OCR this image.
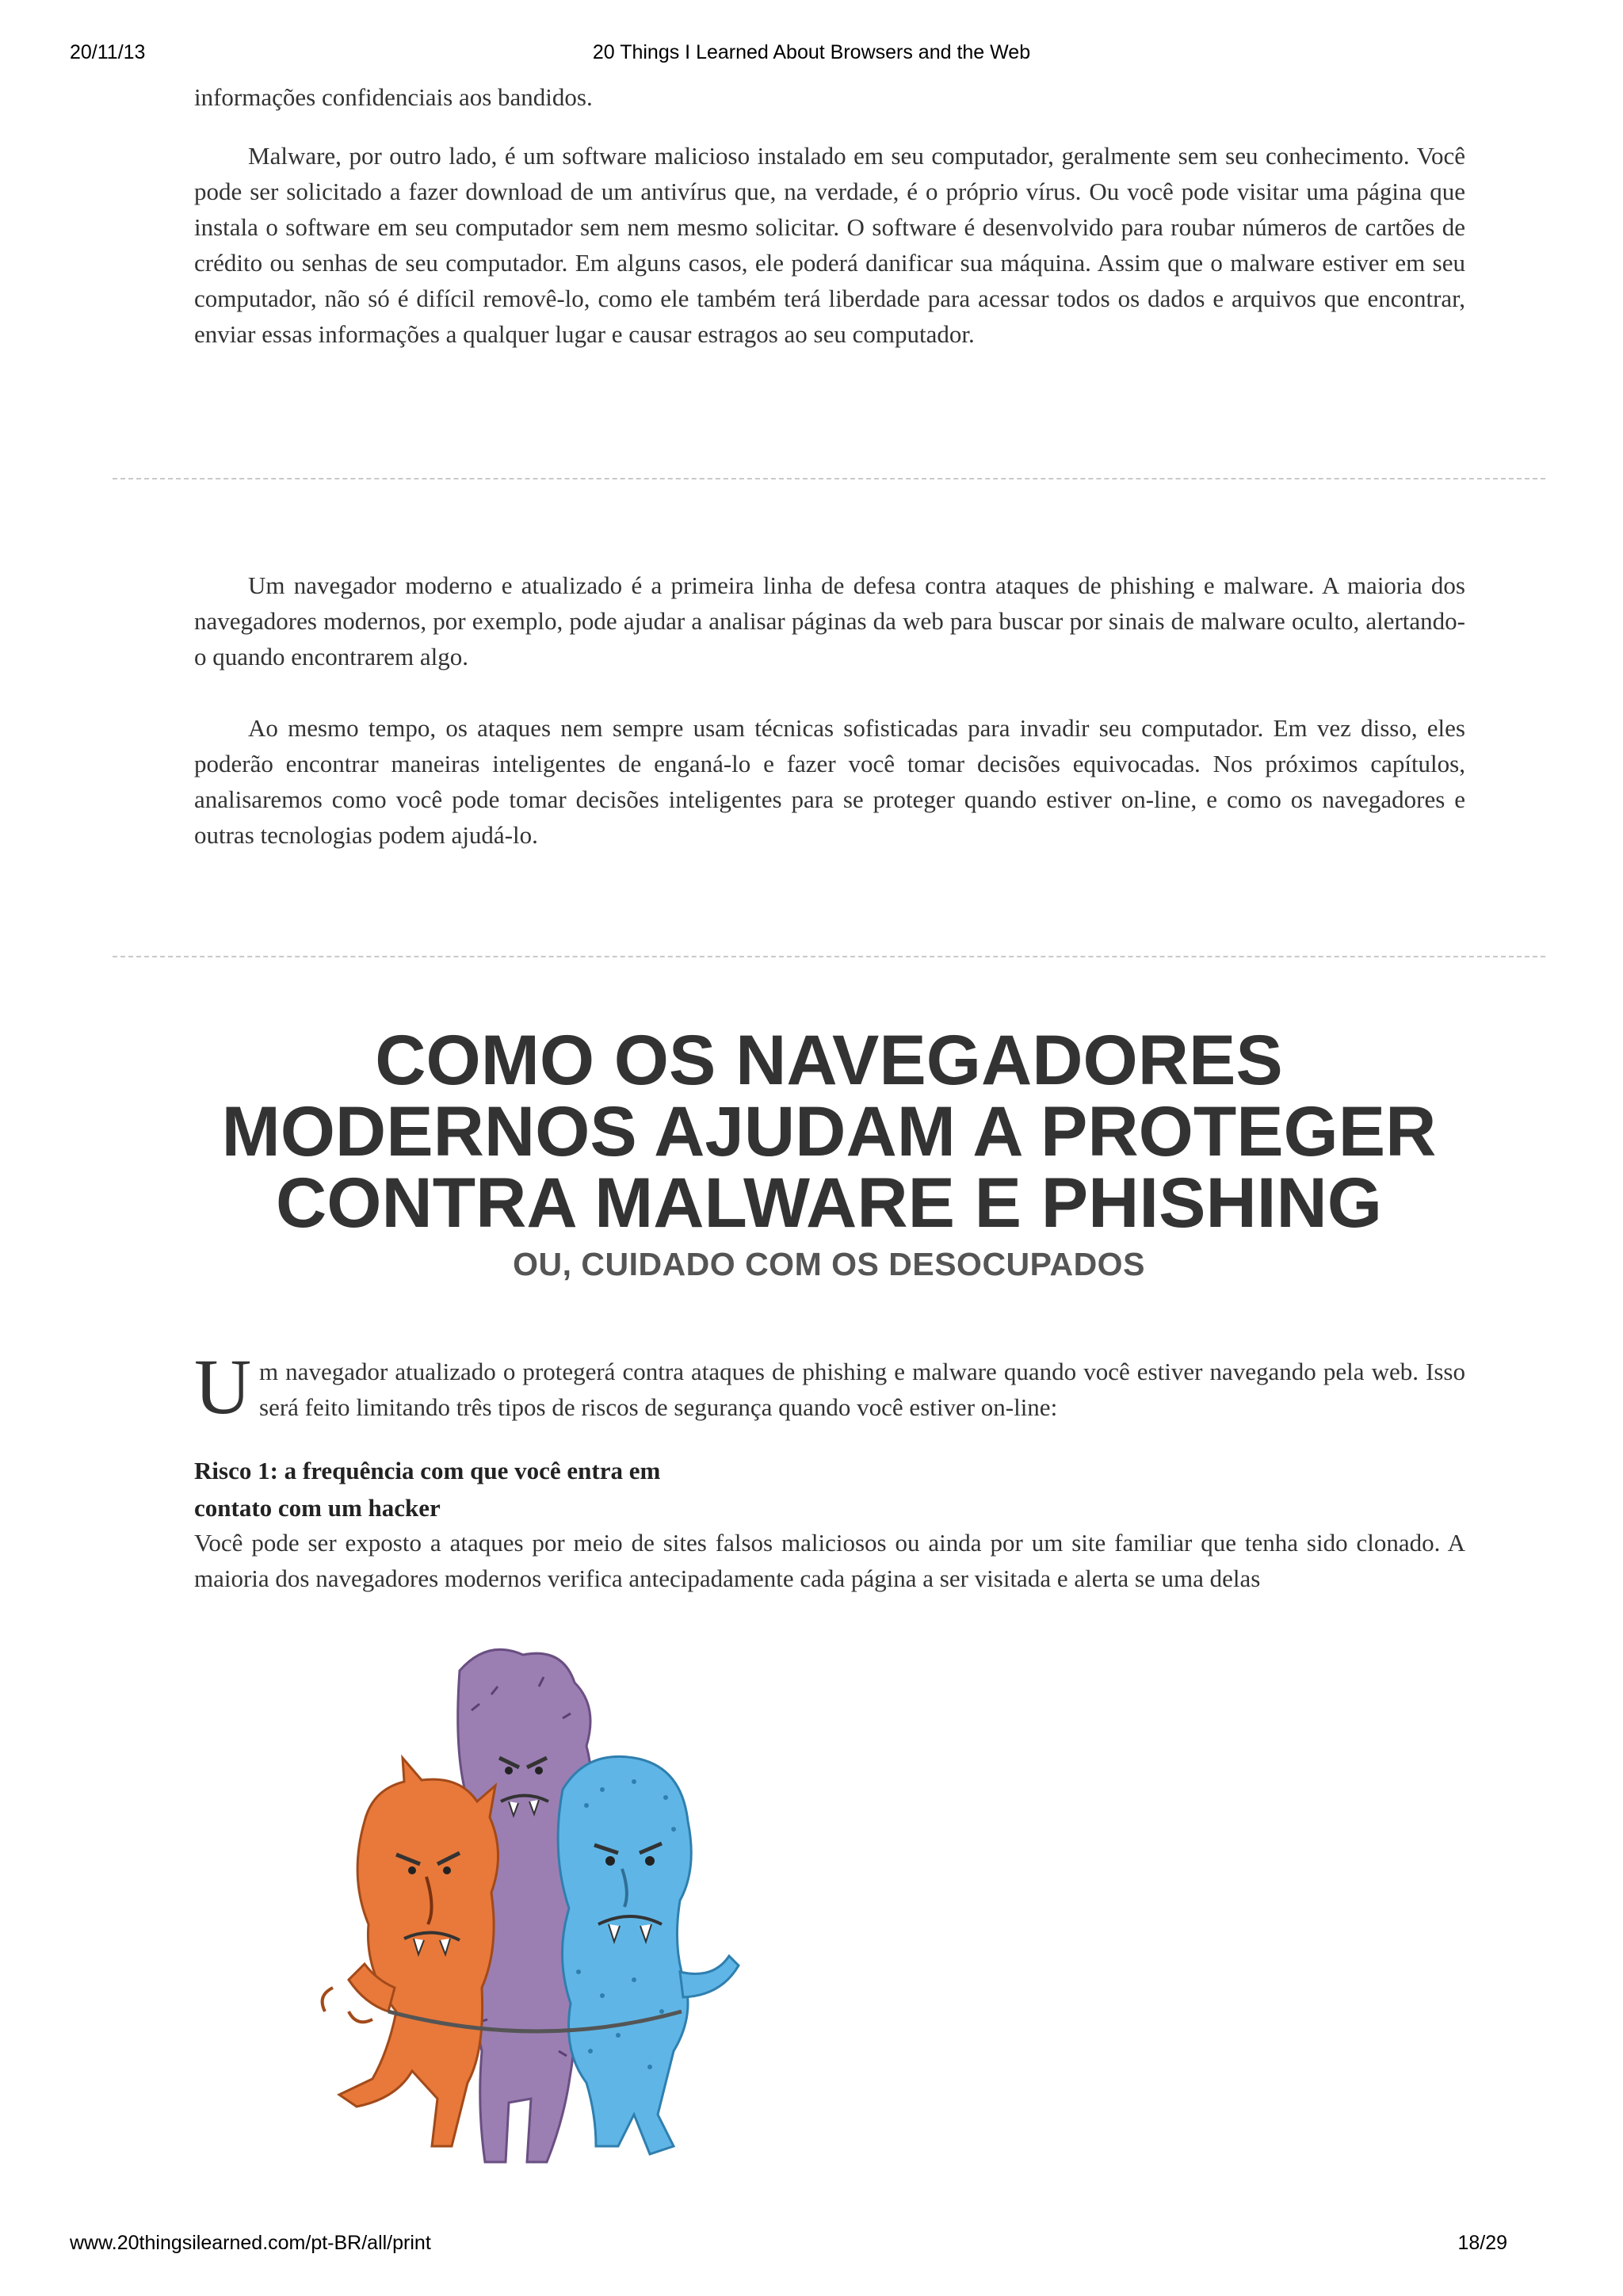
20/11/13	20 Things I Learned About Browsers and the Web

informações confidenciais aos bandidos.

Malware, por outro lado, é um software malicioso instalado em seu computador, geralmente sem seu conhecimento. Você pode ser solicitado a fazer download de um antivírus que, na verdade, é o próprio vírus. Ou você pode visitar uma página que instala o software em seu computador sem nem mesmo solicitar. O software é desenvolvido para roubar números de cartões de crédito ou senhas de seu computador. Em alguns casos, ele poderá danificar sua máquina. Assim que o malware estiver em seu computador, não só é difícil removê-lo, como ele também terá liberdade para acessar todos os dados e arquivos que encontrar, enviar essas informações a qualquer lugar e causar estragos ao seu computador.

Um navegador moderno e atualizado é a primeira linha de defesa contra ataques de phishing e malware. A maioria dos navegadores modernos, por exemplo, pode ajudar a analisar páginas da web para buscar por sinais de malware oculto, alertando-o quando encontrarem algo.

Ao mesmo tempo, os ataques nem sempre usam técnicas sofisticadas para invadir seu computador. Em vez disso, eles poderão encontrar maneiras inteligentes de enganá-lo e fazer você tomar decisões equivocadas. Nos próximos capítulos, analisaremos como você pode tomar decisões inteligentes para se proteger quando estiver on-line, e como os navegadores e outras tecnologias podem ajudá-lo.

COMO OS NAVEGADORES
MODERNOS AJUDAM A PROTEGER
CONTRA MALWARE E PHISHING
OU, CUIDADO COM OS DESOCUPADOS
U m navegador atualizado o protegerá contra ataques de phishing e malware quando você estiver navegando pela web. Isso será feito limitando três tipos de riscos de segurança quando você estiver on-line:

Risco 1: a frequência com que você entra em
contato com um hacker

Você pode ser exposto a ataques por meio de sites falsos maliciosos ou ainda por um site familiar que tenha sido clonado. A maioria dos navegadores modernos verifica antecipadamente cada página a ser visitada e alerta se uma delas

www.20thingsilearned.com/pt-BR/all/print	18/29
